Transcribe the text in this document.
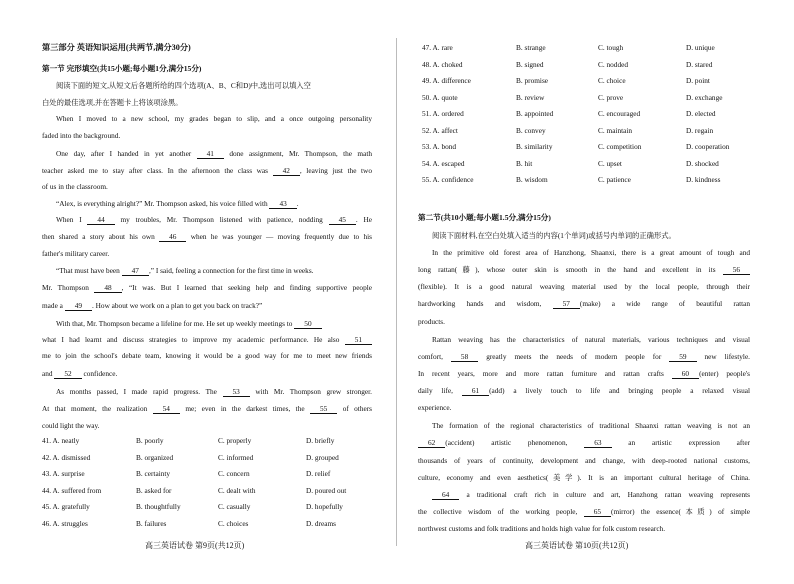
第三部分 英语知识运用(共两节,满分30分)
第一节 完形填空(共15小题;每小题1分,满分15分)
阅读下面的短文,从短文后各题所给的四个选项(A、B、C和D)中,选出可以填入空
白处的最佳选项,并在答题卡上将该项涂黑。
When I moved to a new school, my grades began to slip, and a once outgoing personality
faded into the background.
One day, after I handed in yet another 41 done assignment, Mr. Thompson, the math
teacher asked me to stay after class. In the afternoon the class was 42 , leaving just the two
of us in the classroom.
“Alex, is everything alright?” Mr. Thompson asked, his voice filled with 43 .
When I 44 my troubles, Mr. Thompson listened with patience, nodding 45 . He
then shared a story about his own 46 when he was younger — moving frequently due to his
father's military career.
“That must have been 47 ,” I said, feeling a connection for the first time in weeks.
Mr. Thompson 48 , “It was. But I learned that seeking help and finding supportive people
made a 49 . How about we work on a plan to get you back on track?”
With that, Mr. Thompson became a lifeline for me. He set up weekly meetings to 50
what I had learnt and discuss strategies to improve my academic performance. He also 51
me to join the school's debate team, knowing it would be a good way for me to meet new friends
and 52 confidence.
As months passed, I made rapid progress. The 53 with Mr. Thompson grew stronger.
At that moment, the realization 54 me; even in the darkest times, the 55 of others
could light the way.
41. A. neatly	B. poorly	C. properly	D. briefly
42. A. dismissed	B. organized	C. informed	D. grouped
43. A. surprise	B. certainty	C. concern	D. relief
44. A. suffered from	B. asked for	C. dealt with	D. poured out
45. A. gratefully	B. thoughtfully	C. casually	D. hopefully
46. A. struggles	B. failures	C. choices	D. dreams
47. A. rare	B. strange	C. tough	D. unique
48. A. choked	B. signed	C. nodded	D. stared
49. A. difference	B. promise	C. choice	D. point
50. A. quote	B. review	C. prove	D. exchange
51. A. ordered	B. appointed	C. encouraged	D. elected
52. A. affect	B. convey	C. maintain	D. regain
53. A. bond	B. similarity	C. competition	D. cooperation
54. A. escaped	B. hit	C. upset	D. shocked
55. A. confidence	B. wisdom	C. patience	D. kindness
第二节(共10小题;每小题1.5分,满分15分)
阅读下面材料,在空白处填入适当的内容(1个单词)或括号内单词的正确形式。
In the primitive old forest area of Hanzhong, Shaanxi, there is a great amount of tough and
long rattan(藤), whose outer skin is smooth in the hand and excellent in its 56
(flexible). It is a good natural weaving material used by the local people, through their
hardworking hands and wisdom, 57 (make) a wide range of beautiful rattan
products.
Rattan weaving has the characteristics of natural materials, various techniques and visual
comfort, 58 greatly meets the needs of modern people for 59 new lifestyle.
In recent years, more and more rattan furniture and rattan crafts 60 (enter) people's
daily life, 61 (add) a lively touch to life and bringing people a relaxed visual
experience.
The formation of the regional characteristics of traditional Shaanxi rattan weaving is not an
62 (accident) artistic phenomenon, 63 an artistic expression after
thousands of years of continuity, development and change, with deep-rooted national customs,
culture, economy and even aesthetics(美学). It is an important cultural heritage of China.
64 a traditional craft rich in culture and art, Hanzhong rattan weaving represents
the collective wisdom of the working people, 65 (mirror) the essence(本质) of simple
northwest customs and folk traditions and holds high value for folk custom research.
高三英语试卷 第9页(共12页)	高三英语试卷 第10页(共12页)
